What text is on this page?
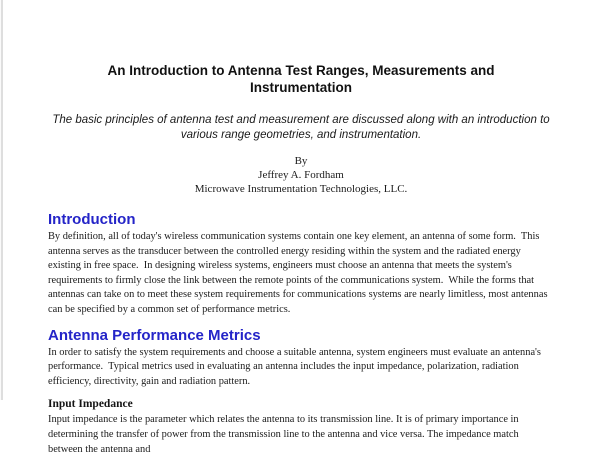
An Introduction to Antenna Test Ranges, Measurements and Instrumentation

The basic principles of antenna test and measurement are discussed along with an introduction to various range geometries, and instrumentation.

By
Jeffrey A. Fordham
Microwave Instrumentation Technologies, LLC.
Introduction

By definition, all of today's wireless communication systems contain one key element, an antenna of some form.  This antenna serves as the transducer between the controlled energy residing within the system and the radiated energy existing in free space.  In designing wireless systems, engineers must choose an antenna that meets the system's requirements to firmly close the link between the remote points of the communications system.  While the forms that antennas can take on to meet these system requirements for communications systems are nearly limitless, most antennas can be specified by a common set of performance metrics.

Antenna Performance Metrics

In order to satisfy the system requirements and choose a suitable antenna, system engineers must evaluate an antenna's performance.  Typical metrics used in evaluating an antenna includes the input impedance, polarization, radiation efficiency, directivity, gain and radiation pattern.

Input Impedance

Input impedance is the parameter which relates the antenna to its transmission line. It is of primary importance in determining the transfer of power from the transmission line to the antenna and vice versa. The impedance match between the antenna and
